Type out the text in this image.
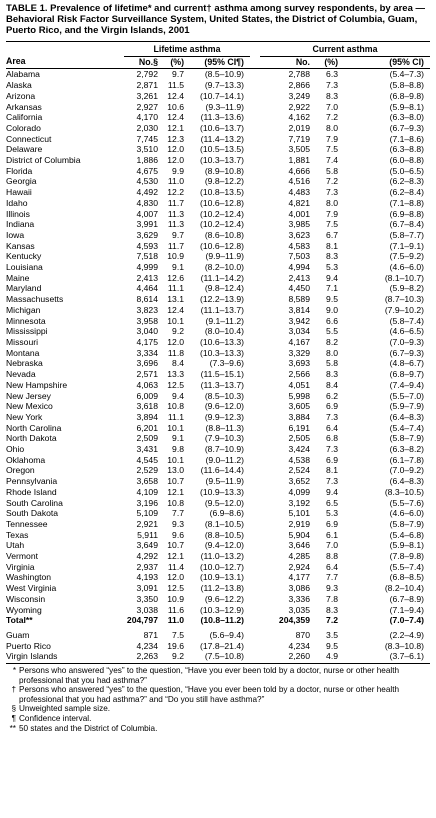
TABLE 1. Prevalence of lifetime* and current† asthma among survey respondents, by area — Behavioral Risk Factor Surveillance System, United States, the District of Columbia, Guam, Puerto Rico, and the Virgin Islands, 2001

	Lifetime asthma				Current asthma		
Area	No.§	(%)	(95% CI¶)		No.	(%)	(95% CI)
Alabama	2,792	9.7	(8.5–10.9)		2,788	6.3	(5.4–7.3)
Alaska	2,871	11.5	(9.7–13.3)		2,866	7.3	(5.8–8.8)
Arizona	3,261	12.4	(10.7–14.1)		3,249	8.3	(6.8–9.8)
Arkansas	2,927	10.6	(9.3–11.9)		2,922	7.0	(5.9–8.1)
California	4,170	12.4	(11.3–13.6)		4,162	7.2	(6.3–8.0)
Colorado	2,030	12.1	(10.6–13.7)		2,019	8.0	(6.7–9.3)
Connecticut	7,745	12.3	(11.4–13.2)		7,719	7.9	(7.1–8.6)
Delaware	3,510	12.0	(10.5–13.5)		3,505	7.5	(6.3–8.8)
District of Columbia	1,886	12.0	(10.3–13.7)		1,881	7.4	(6.0–8.8)
Florida	4,675	9.9	(8.9–10.8)		4,666	5.8	(5.0–6.5)
Georgia	4,530	11.0	(9.8–12.2)		4,516	7.2	(6.2–8.3)
Hawaii	4,492	12.2	(10.8–13.5)		4,483	7.3	(6.2–8.4)
Idaho	4,830	11.7	(10.6–12.8)		4,821	8.0	(7.1–8.8)
Illinois	4,007	11.3	(10.2–12.4)		4,001	7.9	(6.9–8.8)
Indiana	3,991	11.3	(10.2–12.4)		3,985	7.5	(6.7–8.4)
Iowa	3,629	9.7	(8.6–10.8)		3,623	6.7	(5.8–7.7)
Kansas	4,593	11.7	(10.6–12.8)		4,583	8.1	(7.1–9.1)
Kentucky	7,518	10.9	(9.9–11.9)		7,503	8.3	(7.5–9.2)
Louisiana	4,999	9.1	(8.2–10.0)		4,994	5.3	(4.6–6.0)
Maine	2,413	12.6	(11.1–14.2)		2,413	9.4	(8.1–10.7)
Maryland	4,464	11.1	(9.8–12.4)		4,450	7.1	(5.9–8.2)
Massachusetts	8,614	13.1	(12.2–13.9)		8,589	9.5	(8.7–10.3)
Michigan	3,823	12.4	(11.1–13.7)		3,814	9.0	(7.9–10.2)
Minnesota	3,958	10.1	(9.1–11.2)		3,942	6.6	(5.8–7.4)
Mississippi	3,040	9.2	(8.0–10.4)		3,034	5.5	(4.6–6.5)
Missouri	4,175	12.0	(10.6–13.3)		4,167	8.2	(7.0–9.3)
Montana	3,334	11.8	(10.3–13.3)		3,329	8.0	(6.7–9.3)
Nebraska	3,696	8.4	(7.3–9.6)		3,693	5.8	(4.8–6.7)
Nevada	2,571	13.3	(11.5–15.1)		2,566	8.3	(6.8–9.7)
New Hampshire	4,063	12.5	(11.3–13.7)		4,051	8.4	(7.4–9.4)
New Jersey	6,009	9.4	(8.5–10.3)		5,998	6.2	(5.5–7.0)
New Mexico	3,618	10.8	(9.6–12.0)		3,605	6.9	(5.9–7.9)
New York	3,894	11.1	(9.9–12.3)		3,884	7.3	(6.4–8.3)
North Carolina	6,201	10.1	(8.8–11.3)		6,191	6.4	(5.4–7.4)
North Dakota	2,509	9.1	(7.9–10.3)		2,505	6.8	(5.8–7.9)
Ohio	3,431	9.8	(8.7–10.9)		3,424	7.3	(6.3–8.2)
Oklahoma	4,545	10.1	(9.0–11.2)		4,538	6.9	(6.1–7.8)
Oregon	2,529	13.0	(11.6–14.4)		2,524	8.1	(7.0–9.2)
Pennsylvania	3,658	10.7	(9.5–11.9)		3,652	7.3	(6.4–8.3)
Rhode Island	4,109	12.1	(10.9–13.3)		4,099	9.4	(8.3–10.5)
South Carolina	3,196	10.8	(9.5–12.0)		3,192	6.5	(5.5–7.6)
South Dakota	5,109	7.7	(6.9–8.6)		5,101	5.3	(4.6–6.0)
Tennessee	2,921	9.3	(8.1–10.5)		2,919	6.9	(5.8–7.9)
Texas	5,911	9.6	(8.8–10.5)		5,904	6.1	(5.4–6.8)
Utah	3,649	10.7	(9.4–12.0)		3,646	7.0	(5.9–8.1)
Vermont	4,292	12.1	(11.0–13.2)		4,285	8.8	(7.8–9.8)
Virginia	2,937	11.4	(10.0–12.7)		2,924	6.4	(5.5–7.4)
Washington	4,193	12.0	(10.9–13.1)		4,177	7.7	(6.8–8.5)
West Virginia	3,091	12.5	(11.2–13.8)		3,086	9.3	(8.2–10.4)
Wisconsin	3,350	10.9	(9.6–12.2)		3,336	7.8	(6.7–8.9)
Wyoming	3,038	11.6	(10.3–12.9)		3,035	8.3	(7.1–9.4)
Total**	204,797	11.0	(10.8–11.2)		204,359	7.2	(7.0–7.4)
Guam	871	7.5	(5.6–9.4)		870	3.5	(2.2–4.9)
Puerto Rico	4,234	19.6	(17.8–21.4)		4,234	9.5	(8.3–10.8)
Virgin Islands	2,263	9.2	(7.5–10.8)		2,260	4.9	(3.7–6.1)
* Persons who answered “yes” to the question, “Have you ever been told by a doctor, nurse or other health professional that you had asthma?”
† Persons who answered “yes” to the question, “Have you ever been told by a doctor, nurse or other health professional that you had asthma?” and “Do you still have asthma?”
§ Unweighted sample size.
¶ Confidence interval.
** 50 states and the District of Columbia.
